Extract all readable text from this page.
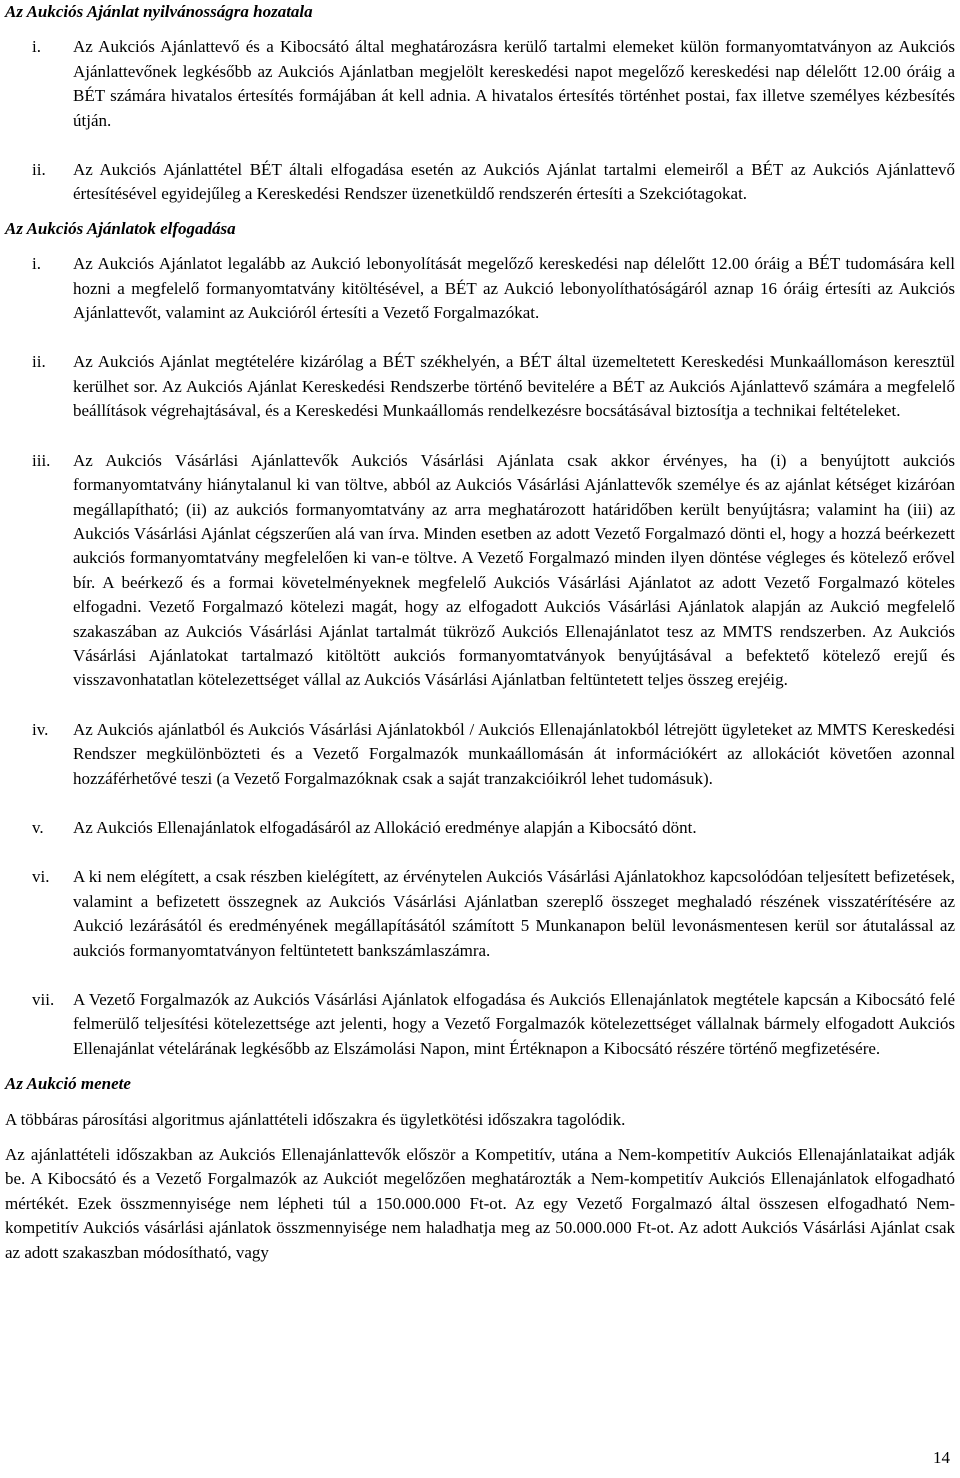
Az Aukciós Ajánlat nyilvánosságra hozatala

i.	Az Aukciós Ajánlattevő és a Kibocsátó által meghatározásra kerülő tartalmi elemeket külön formanyomtatványon az Aukciós Ajánlattevőnek legkésőbb az Aukciós Ajánlatban megjelölt kereskedési napot megelőző kereskedési nap délelőtt 12.00 óráig a BÉT számára hivatalos értesítés formájában át kell adnia. A hivatalos értesítés történhet postai, fax illetve személyes kézbesítés útján.
ii.	Az Aukciós Ajánlattétel BÉT általi elfogadása esetén az Aukciós Ajánlat tartalmi elemeiről a BÉT az Aukciós Ajánlattevő értesítésével egyidejűleg a Kereskedési Rendszer üzenetküldő rendszerén értesíti a Szekciótagokat.

Az Aukciós Ajánlatok elfogadása

i.	Az Aukciós Ajánlatot legalább az Aukció lebonyolítását megelőző kereskedési nap délelőtt 12.00 óráig a BÉT tudomására kell hozni a megfelelő formanyomtatvány kitöltésével, a BÉT az Aukció lebonyolíthatóságáról aznap 16 óráig értesíti az Aukciós Ajánlattevőt, valamint az Aukcióról értesíti a Vezető Forgalmazókat.
ii.	Az Aukciós Ajánlat megtételére kizárólag a BÉT székhelyén, a BÉT által üzemeltetett Kereskedési Munkaállomáson keresztül kerülhet sor. Az Aukciós Ajánlat Kereskedési Rendszerbe történő bevitelére a BÉT az Aukciós Ajánlattevő számára a megfelelő beállítások végrehajtásával, és a Kereskedési Munkaállomás rendelkezésre bocsátásával biztosítja a technikai feltételeket.
iii.	Az Aukciós Vásárlási Ajánlattevők Aukciós Vásárlási Ajánlata csak akkor érvényes, ha (i) a benyújtott aukciós formanyomtatvány hiánytalanul ki van töltve, abból az Aukciós Vásárlási Ajánlattevők személye és az ajánlat kétséget kizáróan megállapítható; (ii) az aukciós formanyomtatvány az arra meghatározott határidőben került benyújtásra; valamint ha (iii) az Aukciós Vásárlási Ajánlat cégszerűen alá van írva. Minden esetben az adott Vezető Forgalmazó dönti el, hogy a hozzá beérkezett aukciós formanyomtatvány megfelelően ki van-e töltve. A Vezető Forgalmazó minden ilyen döntése végleges és kötelező erővel bír. A beérkező és a formai követelményeknek megfelelő Aukciós Vásárlási Ajánlatot az adott Vezető Forgalmazó köteles elfogadni. Vezető Forgalmazó kötelezi magát, hogy az elfogadott Aukciós Vásárlási Ajánlatok alapján az Aukció megfelelő szakaszában az Aukciós Vásárlási Ajánlat tartalmát tükröző Aukciós Ellenajánlatot tesz az MMTS rendszerben. Az Aukciós Vásárlási Ajánlatokat tartalmazó kitöltött aukciós formanyomtatványok benyújtásával a befektető kötelező erejű és visszavonhatatlan kötelezettséget vállal az Aukciós Vásárlási Ajánlatban feltüntetett teljes összeg erejéig.
iv.	Az Aukciós ajánlatból és Aukciós Vásárlási Ajánlatokból / Aukciós Ellenajánlatokból létrejött ügyleteket az MMTS Kereskedési Rendszer megkülönbözteti és a Vezető Forgalmazók munkaállomásán át információkért az allokációt követően azonnal hozzáférhetővé teszi (a Vezető Forgalmazóknak csak a saját tranzakcióikról lehet tudomásuk).
v.	Az Aukciós Ellenajánlatok elfogadásáról az Allokáció eredménye alapján a Kibocsátó dönt.
vi.	A ki nem elégített, a csak részben kielégített, az érvénytelen Aukciós Vásárlási Ajánlatokhoz kapcsolódóan teljesített befizetések, valamint a befizetett összegnek az Aukciós Vásárlási Ajánlatban szereplő összeget meghaladó részének visszatérítésére az Aukció lezárásától és eredményének megállapításától számított 5 Munkanapon belül levonásmentesen kerül sor átutalással az aukciós formanyomtatványon feltüntetett bankszámlaszámra.
vii.	A Vezető Forgalmazók az Aukciós Vásárlási Ajánlatok elfogadása és Aukciós Ellenajánlatok megtétele kapcsán a Kibocsátó felé felmerülő teljesítési kötelezettsége azt jelenti, hogy a Vezető Forgalmazók kötelezettséget vállalnak bármely elfogadott Aukciós Ellenajánlat vételárának legkésőbb az Elszámolási Napon, mint Értéknapon a Kibocsátó részére történő megfizetésére.

Az Aukció menete

A többáras párosítási algoritmus ajánlattételi időszakra és ügyletkötési időszakra tagolódik.

Az ajánlattételi időszakban az Aukciós Ellenajánlattevők először a Kompetitív, utána a Nem-kompetitív Aukciós Ellenajánlataikat adják be. A Kibocsátó és a Vezető Forgalmazók az Aukciót megelőzően meghatározták a Nem-kompetitív Aukciós Ellenajánlatok elfogadható mértékét. Ezek összmennyisége nem lépheti túl a 150.000.000 Ft-ot. Az egy Vezető Forgalmazó által összesen elfogadható Nem-kompetitív Aukciós vásárlási ajánlatok összmennyisége nem haladhatja meg az 50.000.000 Ft-ot. Az adott Aukciós Vásárlási Ajánlat csak az adott szakaszban módosítható, vagy

14
